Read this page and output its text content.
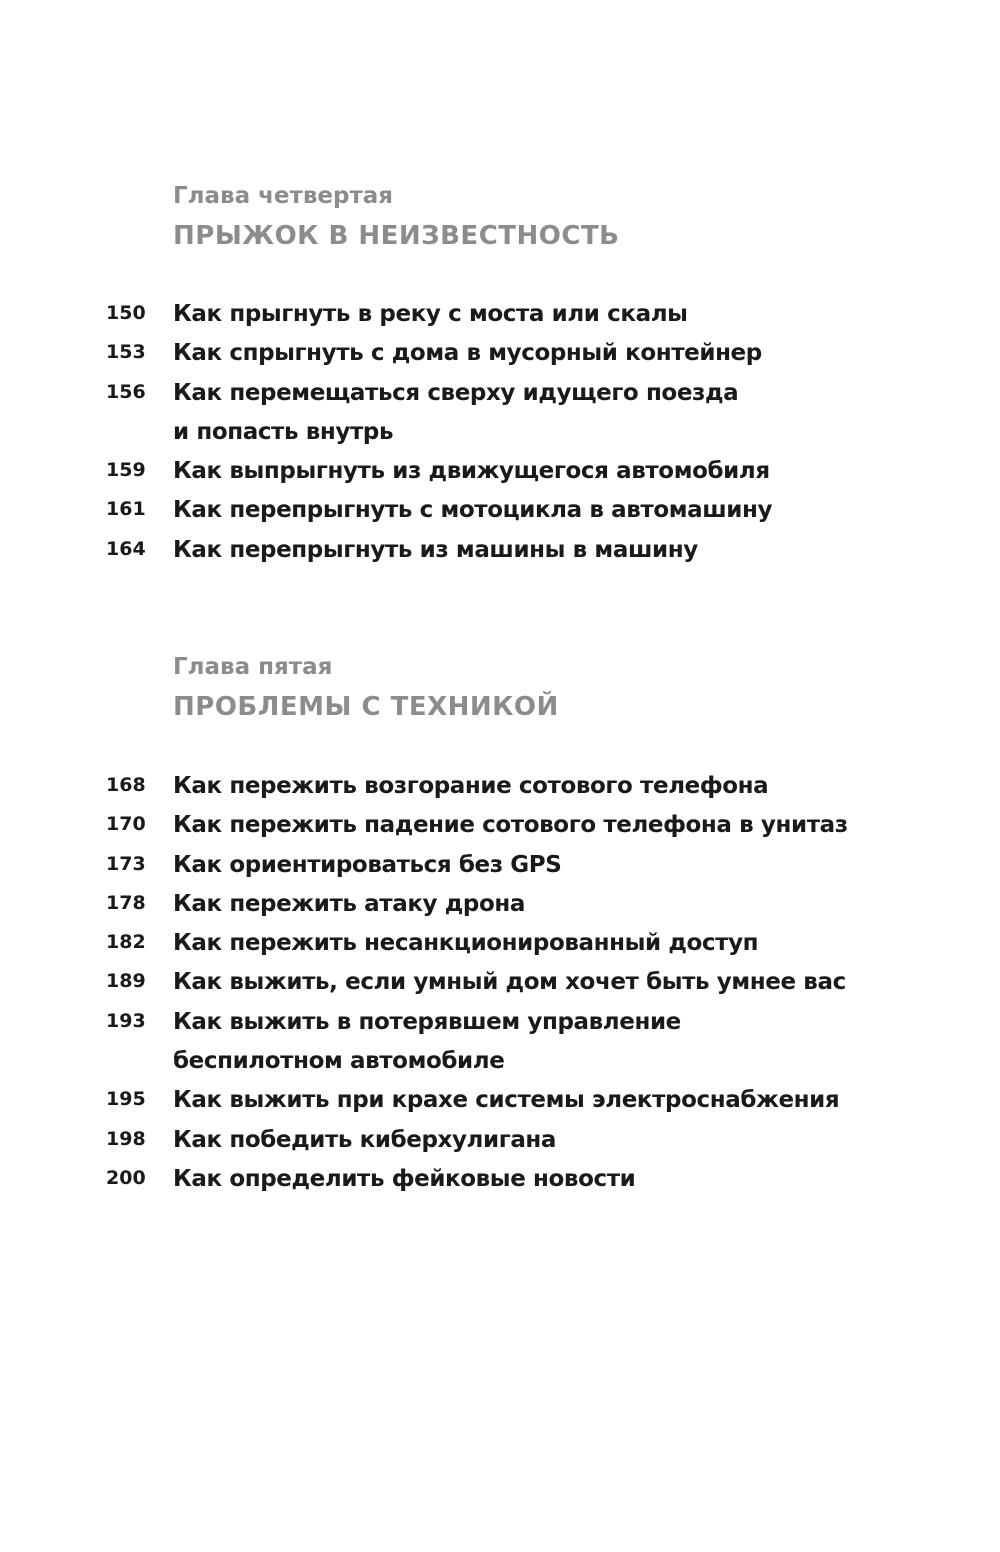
Глава четвертая
ПРЫЖОК В НЕИЗВЕСТНОСТЬ
150	Как прыгнуть в реку с моста или скалы
153	Как спрыгнуть с дома в мусорный контейнер
156	Как перемещаться сверху идущего поезда
и попасть внутрь
159	Как выпрыгнуть из движущегося автомобиля
161	Как перепрыгнуть с мотоцикла в автомашину
164	Как перепрыгнуть из машины в машину
Глава пятая
ПРОБЛЕМЫ С ТЕХНИКОЙ
168	Как пережить возгорание сотового телефона
170	Как пережить падение сотового телефона в унитаз
173	Как ориентироваться без GPS
178	Как пережить атаку дрона
182	Как пережить несанкционированный доступ
189	Как выжить, если умный дом хочет быть умнее вас
193	Как выжить в потерявшем управление
беспилотном автомобиле
195	Как выжить при крахе системы электроснабжения
198	Как победить киберхулигана
200	Как определить фейковые новости
